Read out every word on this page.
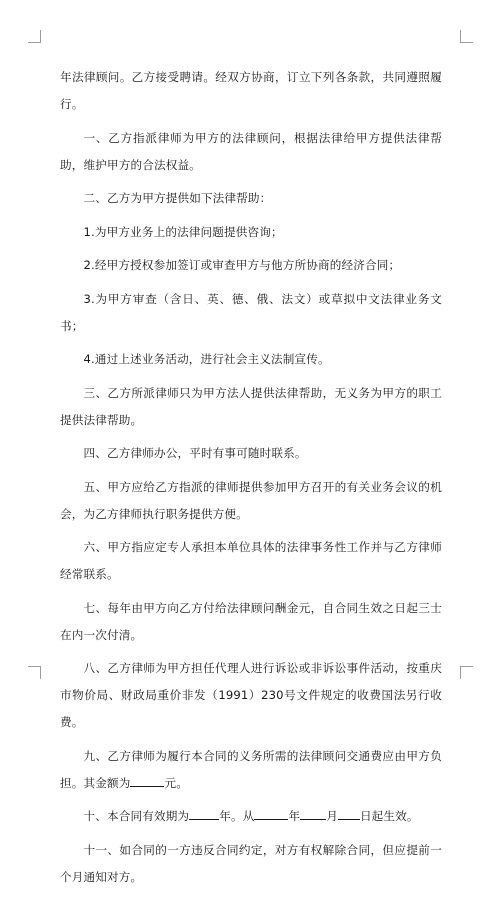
年法律顾问。乙方接受聘请。经双方协商，订立下列各条款，共同遵照履行。

一、乙方指派律师为甲方的法律顾问，根据法律给甲方提供法律帮助，维护甲方的合法权益。

二、乙方为甲方提供如下法律帮助：

1.为甲方业务上的法律问题提供咨询；

2.经甲方授权参加签订或审查甲方与他方所协商的经济合同；

3.为甲方审查（含日、英、德、俄、法文）或草拟中文法律业务文书；

4.通过上述业务活动，进行社会主义法制宣传。

三、乙方所派律师只为甲方法人提供法律帮助，无义务为甲方的职工提供法律帮助。

四、乙方律师办公，平时有事可随时联系。

五、甲方应给乙方指派的律师提供参加甲方召开的有关业务会议的机会，为乙方律师执行职务提供方便。

六、甲方指应定专人承担本单位具体的法律事务性工作并与乙方律师经常联系。

七、每年由甲方向乙方付给法律顾问酬金元，自合同生效之日起三士在内一次付清。

八、乙方律师为甲方担任代理人进行诉讼或非诉讼事件活动，按重庆市物价局、财政局重价非发（1991）230号文件规定的收费国法另行收费。

九、乙方律师为履行本合同的义务所需的法律顾问交通费应由甲方负担。其金额为	元。

十、本合同有效期为	年。从	年 月 日起生效。

十一、如合同的一方违反合同约定，对方有权解除合同，但应提前一个月通知对方。
